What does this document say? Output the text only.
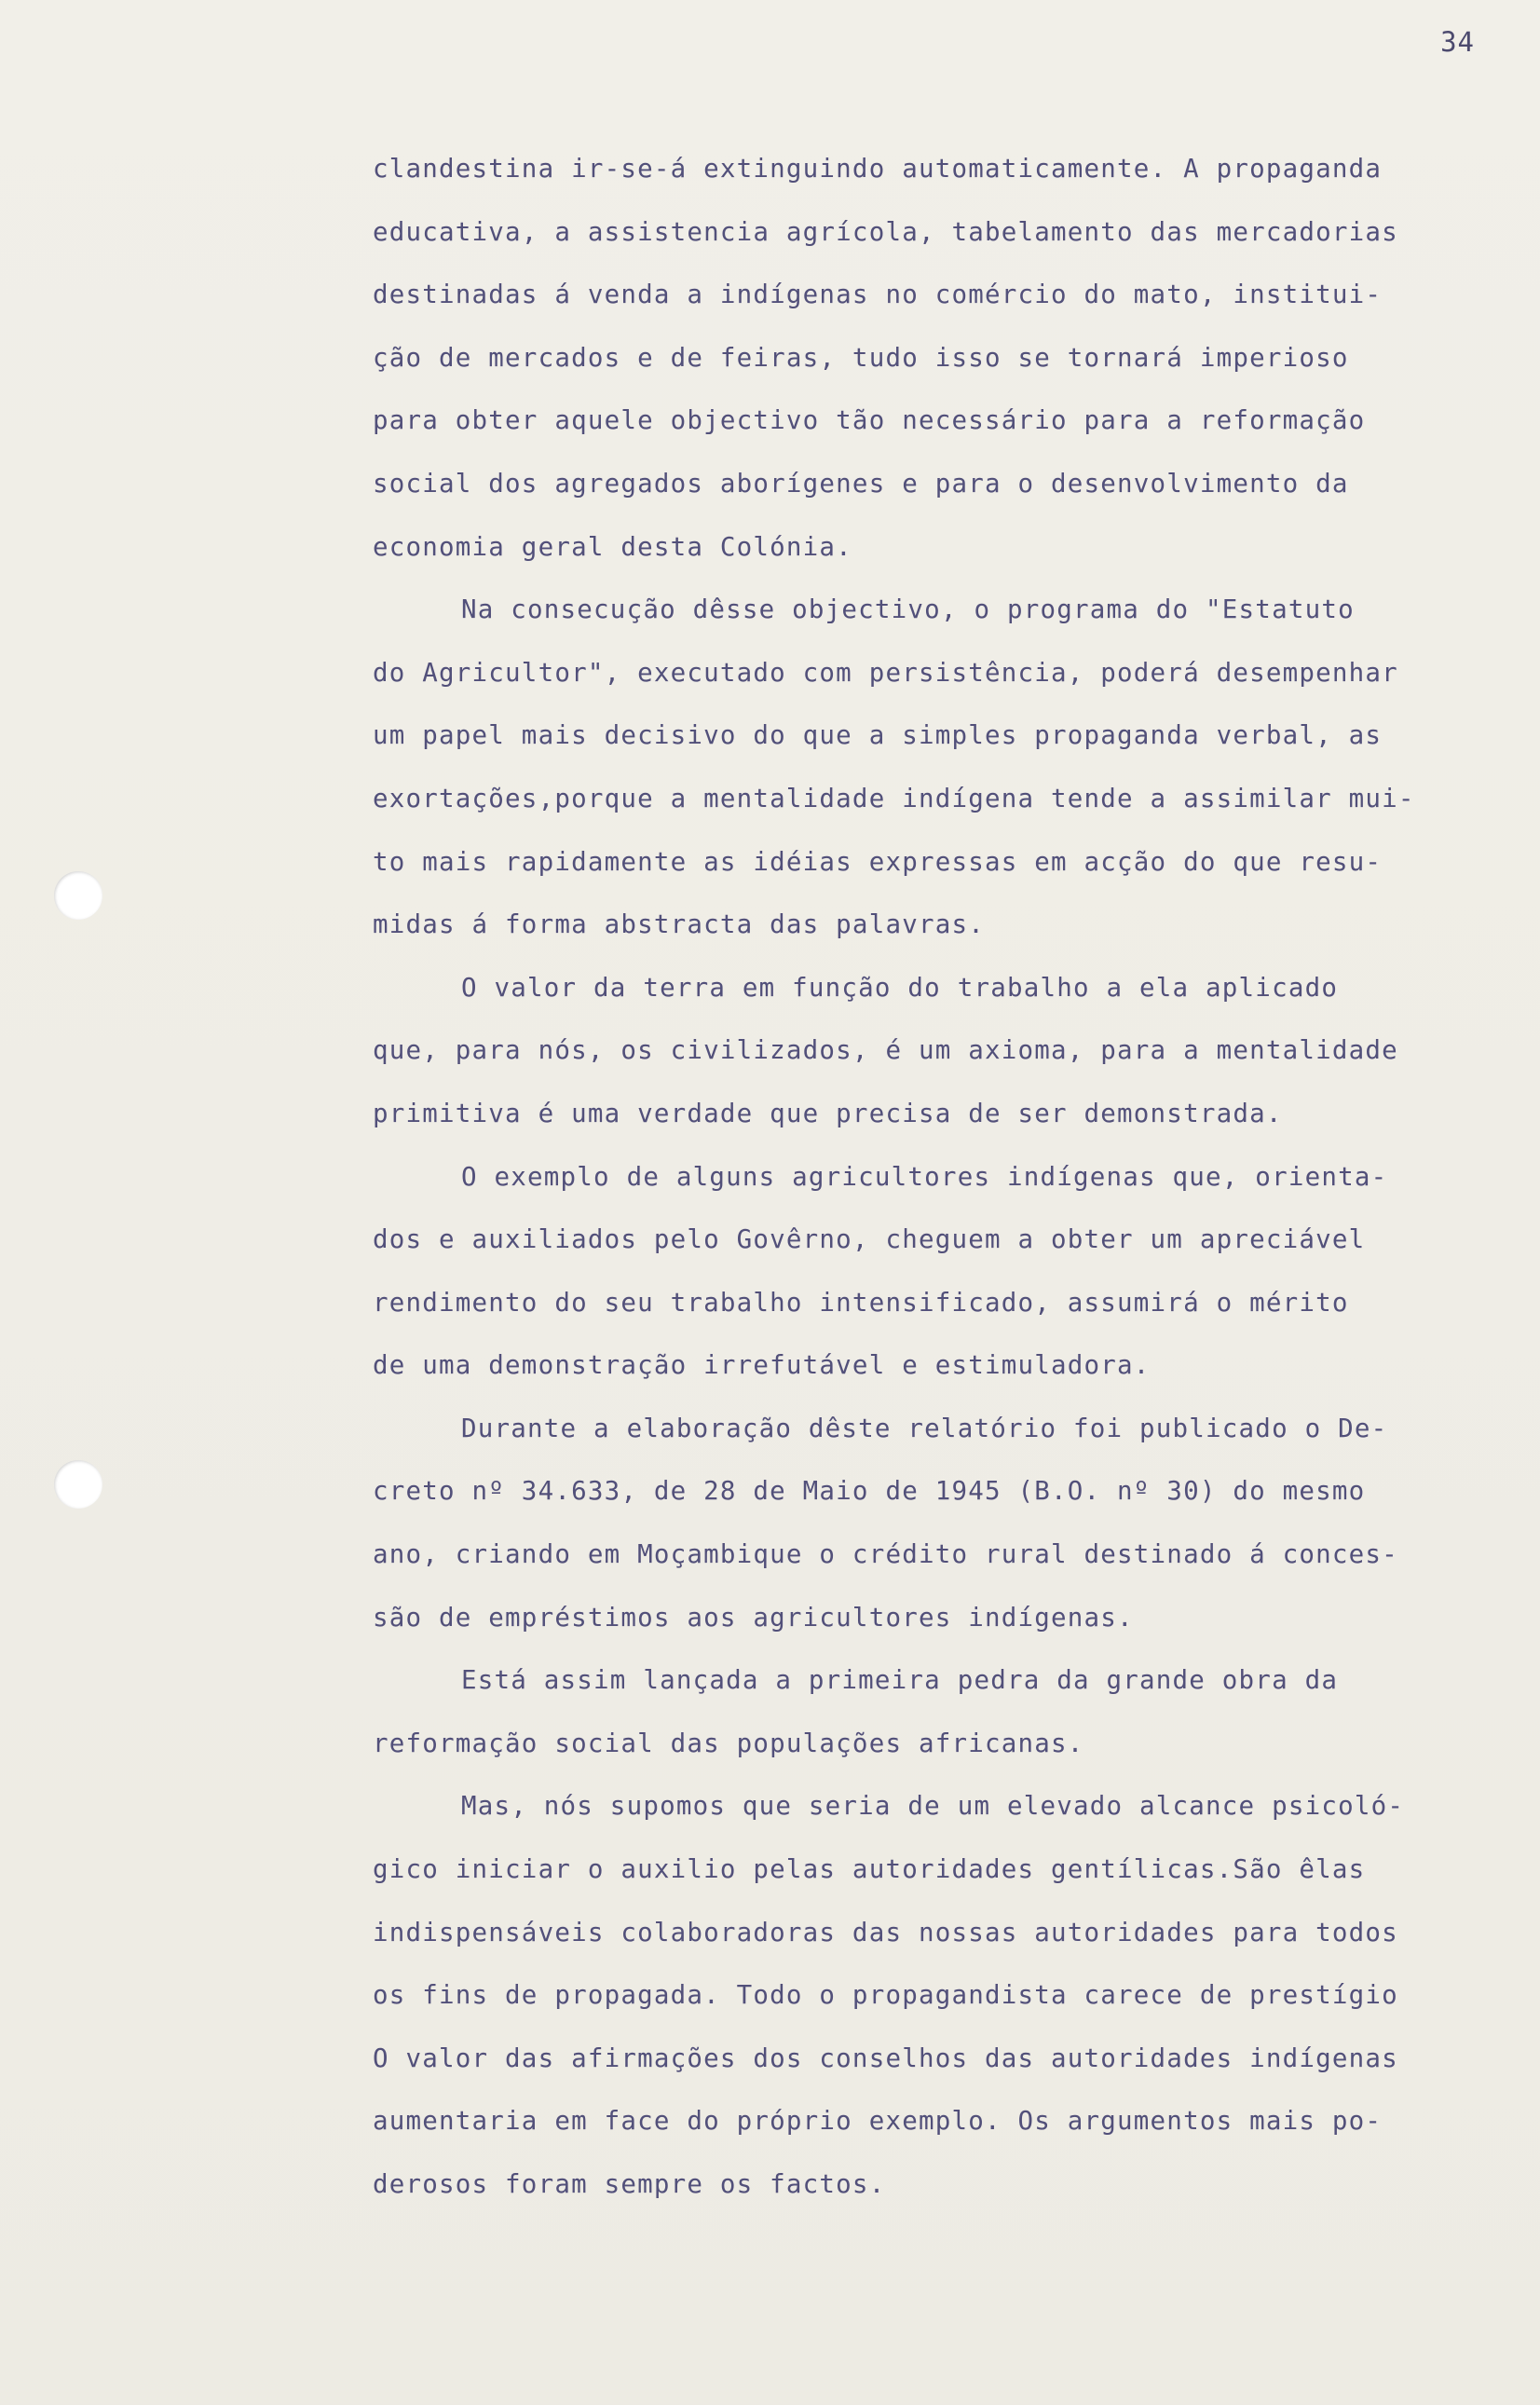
34

clandestina ir-se-á extinguindo automaticamente. A propaganda
educativa, a assistencia agrícola, tabelamento das mercadorias
destinadas á venda a indígenas no comércio do mato, institui-
ção de mercados e de feiras, tudo isso se tornará imperioso
para obter aquele objectivo tão necessário para a reformação
social dos agregados aborígenes e para o desenvolvimento da
economia geral desta Colónia.

Na consecução dêsse objectivo, o programa do "Estatuto
do Agricultor", executado com persistência, poderá desempenhar
um papel mais decisivo do que a simples propaganda verbal, as
exortações,porque a mentalidade indígena tende a assimilar mui-
to mais rapidamente as idéias expressas em acção do que resu-
midas á forma abstracta das palavras.

O valor da terra em função do trabalho a ela aplicado
que, para nós, os civilizados, é um axioma, para a mentalidade
primitiva é uma verdade que precisa de ser demonstrada.

O exemplo de alguns agricultores indígenas que, orienta-
dos e auxiliados pelo Govêrno, cheguem a obter um apreciável
rendimento do seu trabalho intensificado, assumirá o mérito
de uma demonstração irrefutável e estimuladora.

Durante a elaboração dêste relatório foi publicado o De-
creto nº 34.633, de 28 de Maio de 1945 (B.O. nº 30) do mesmo
ano, criando em Moçambique o crédito rural destinado á conces-
são de empréstimos aos agricultores indígenas.

Está assim lançada a primeira pedra da grande obra da
reformação social das populações africanas.

Mas, nós supomos que seria de um elevado alcance psicoló-
gico iniciar o auxilio pelas autoridades gentílicas.São êlas
indispensáveis colaboradoras das nossas autoridades para todos
os fins de propagada. Todo o propagandista carece de prestígio
O valor das afirmações dos conselhos das autoridades indígenas
aumentaria em face do próprio exemplo. Os argumentos mais po-
derosos foram sempre os factos.
